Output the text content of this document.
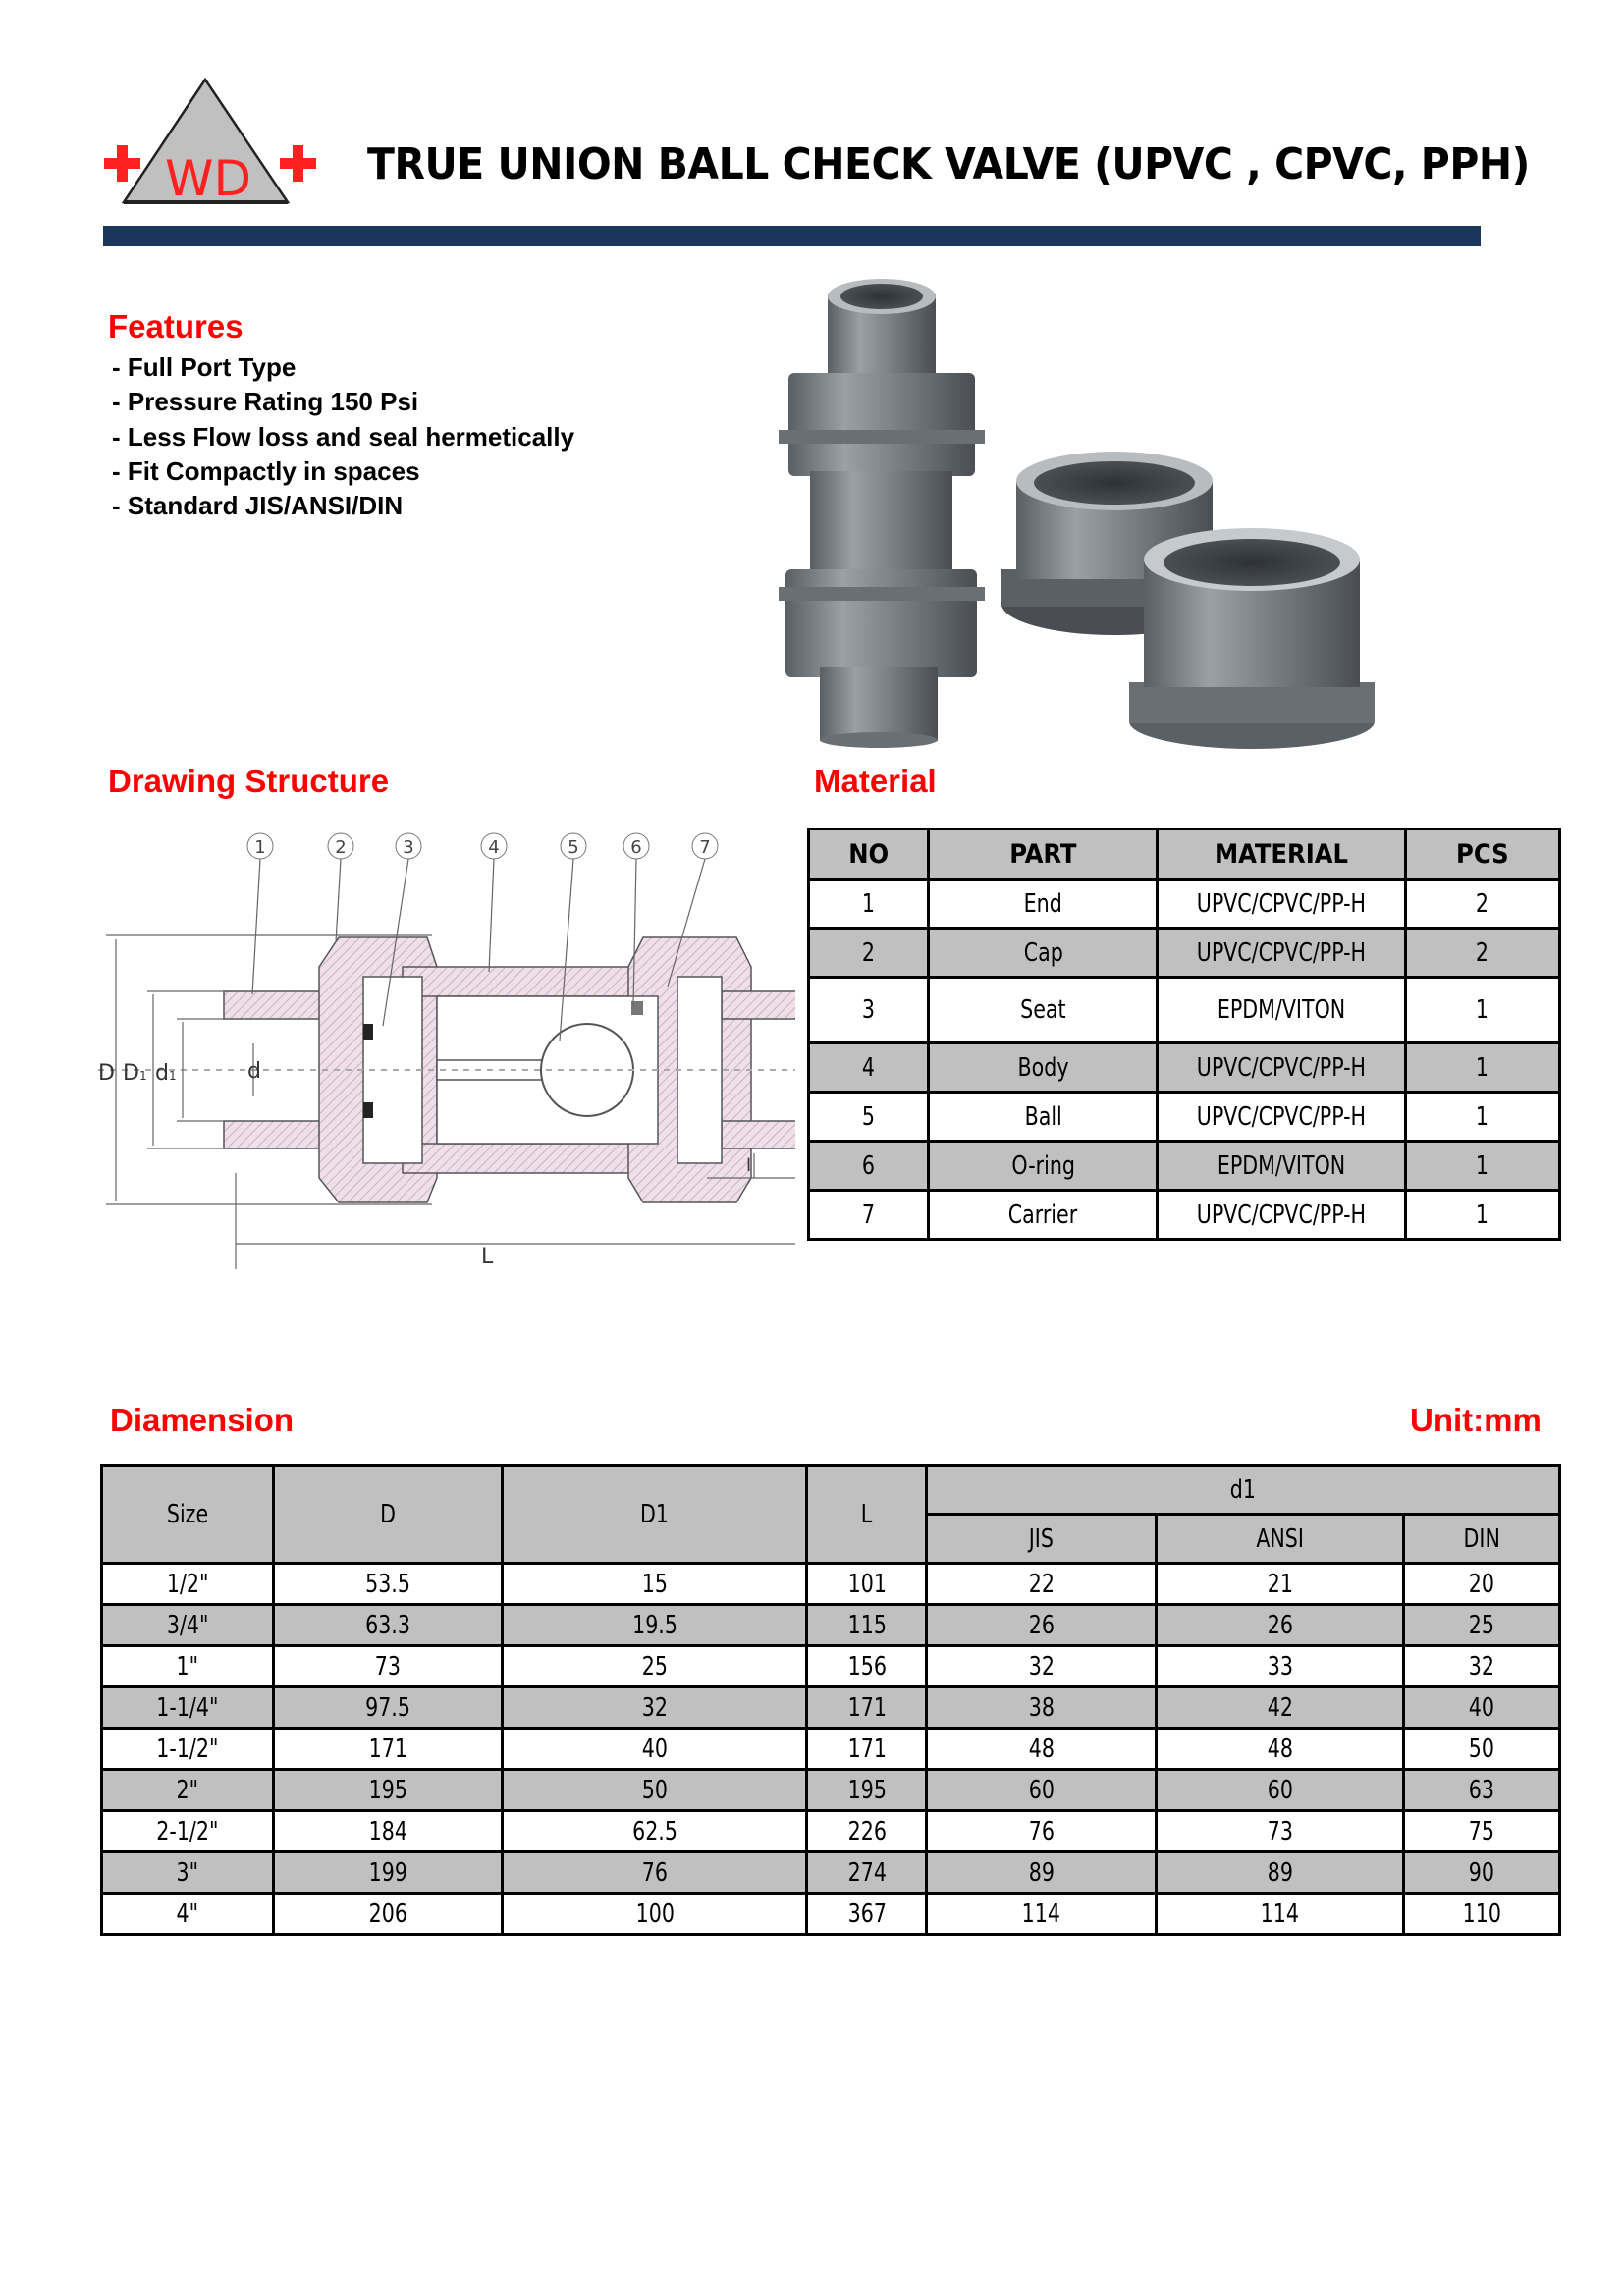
WD	TRUE UNION BALL CHECK VALVE (UPVC , CPVC, PPH)
Features
- Full Port Type
- Pressure Rating 150 Psi
- Less Flow loss and seal hermetically
- Fit Compactly in spaces
- Standard JIS/ANSI/DIN
Drawing Structure	Material
1	2	3	4	5	6	7
D D1 d1	d
L
l
NO	PART	MATERIAL	PCS
1	End	UPVC/CPVC/PP-H	2
2	Cap	UPVC/CPVC/PP-H	2
3	Seat	EPDM/VITON	1
4	Body	UPVC/CPVC/PP-H	1
5	Ball	UPVC/CPVC/PP-H	1
6	O-ring	EPDM/VITON	1
7	Carrier	UPVC/CPVC/PP-H	1
Diamension	Unit:mm
Size	D	D1	L	d1		
				JIS	ANSI	DIN
1/2"	53.5	15	101	22	21	20
3/4"	63.3	19.5	115	26	26	25
1"	73	25	156	32	33	32
1-1/4"	97.5	32	171	38	42	40
1-1/2"	171	40	171	48	48	50
2"	195	50	195	60	60	63
2-1/2"	184	62.5	226	76	73	75
3"	199	76	274	89	89	90
4"	206	100	367	114	114	110
